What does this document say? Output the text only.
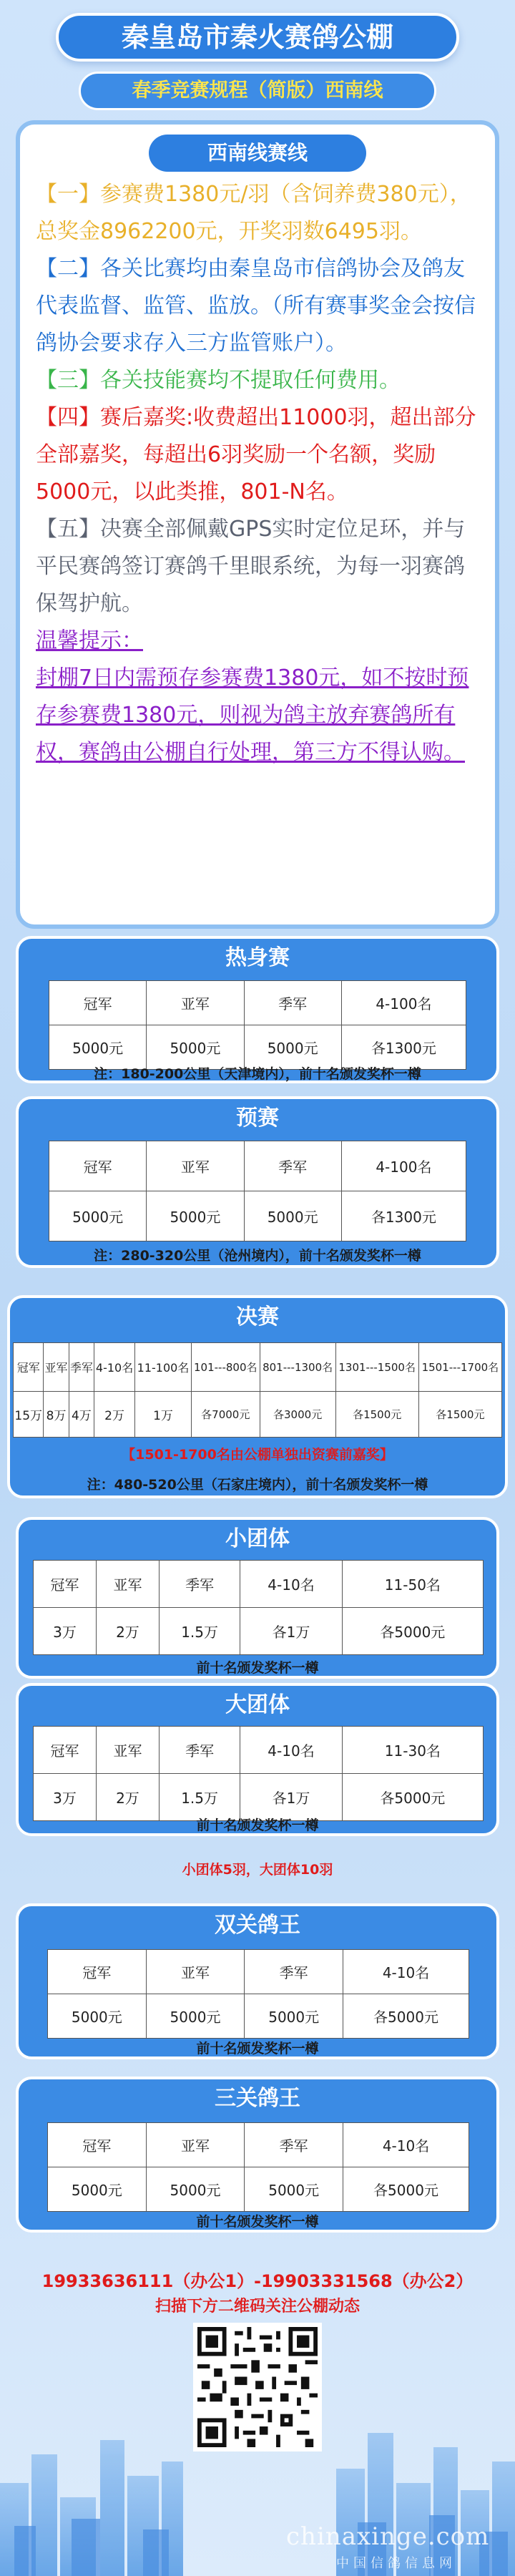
秦皇岛市秦火赛鸽公棚
春季竞赛规程（简版）西南线
西南线赛线

【一】参赛费1380元/羽（含饲养费380元），总奖金8962200元，开奖羽数6495羽。

【二】各关比赛均由秦皇岛市信鸽协会及鸽友代表监督、监管、监放。（所有赛事奖金会按信鸽协会要求存入三方监管账户）。

【三】各关技能赛均不提取任何费用。

【四】赛后嘉奖:收费超出11000羽，超出部分全部嘉奖，每超出6羽奖励一个名额，奖励5000元，以此类推，801-N名。

【五】决赛全部佩戴GPS实时定位足环，并与平民赛鸽签订赛鸽千里眼系统，为每一羽赛鸽保驾护航。

温馨提示：

封棚7日内需预存参赛费1380元，如不按时预存参赛费1380元，则视为鸽主放弃赛鸽所有权，赛鸽由公棚自行处理，第三方不得认购。

热身赛
冠军	亚军	季军	4-100名
5000元	5000元	5000元	各1300元
注：180-200公里（天津境内），前十名颁发奖杯一樽
预赛
冠军	亚军	季军	4-100名
5000元	5000元	5000元	各1300元
注：280-320公里（沧州境内），前十名颁发奖杯一樽
决赛
冠军	亚军	季军	4-10名	11-100名	101---800名	801---1300名	1301---1500名	1501---1700名
15万	8万	4万	2万	1万	各7000元	各3000元	各1500元	各1500元
【1501-1700名由公棚单独出资赛前嘉奖】
注：480-520公里（石家庄境内），前十名颁发奖杯一樽
小团体
冠军	亚军	季军	4-10名	11-50名
3万	2万	1.5万	各1万	各5000元
前十名颁发奖杯一樽
大团体
冠军	亚军	季军	4-10名	11-30名
3万	2万	1.5万	各1万	各5000元
前十名颁发奖杯一樽
小团体5羽，大团体10羽
双关鸽王
冠军	亚军	季军	4-10名
5000元	5000元	5000元	各5000元
前十名颁发奖杯一樽
三关鸽王
冠军	亚军	季军	4-10名
5000元	5000元	5000元	各5000元
前十名颁发奖杯一樽
19933636111（办公1）-19903331568（办公2）
扫描下方二维码关注公棚动态
chinaxinge.com
中国信鸽信息网
